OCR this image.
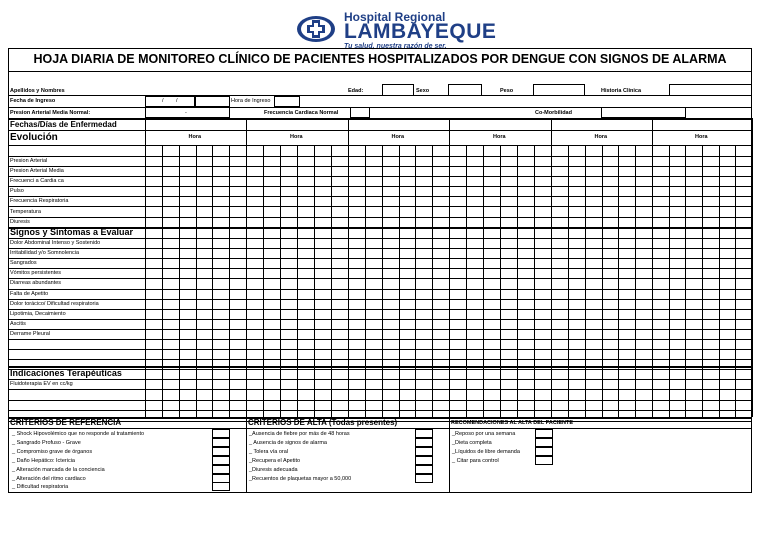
Hospital Regional
LAMBAYEQUE
Tu salud, nuestra razón de ser.
HOJA DIARIA DE MONITOREO CLÍNICO DE PACIENTES HOSPITALIZADOS POR DENGUE CON SIGNOS DE ALARMA
Apellidos y Nombres	Edad:	Sexo	Peso	Historia Clínica
Fecha de Ingreso	/ /	Hora de Ingreso
Presion Arterial Media Normal:	-	Frecuencia Cardiaca Normal	Co-Morbilidad
Fechas/Días de Enfermedad
Evolución	Hora	Hora	Hora	Hora	Hora	Hora
Presion Arterial
Presion Arterial Media
Frecuenci a Cardia ca
Pulso
Frecuencia Respiratoria
Temperatura
Diuresis
Signos y Síntomas a Evaluar
Dolor Abdominal Intenso y Sostenido
Irritabilidad y/o Somnolencia
Sangrados
Vómitos persistentes
Diarreas abundantes
Falta de Apetito
Dolor torácico/ Dificultad respiratoria
Lipotimia, Decaimiento
Ascitis
Derrame Pleural
Indicaciones Terapéuticas
Fluidoterapia EV en cc/kg
CRITERIOS DE REFERENCIA
_ Shock Hipovolémico que no responde al tratamiento
_ Sangrado Profuso - Grave
_ Compromiso grave de órganos
_ Daño Hepático: Ictericia
_ Alteración marcada de la conciencia
_ Alteración del ritmo cardiaco
_ Dificultad respiratoria
CRITERIOS DE ALTA (Todas presentes)
_Ausencia de fiebre por más de 48 horas
_ Ausencia de signos de alarma
_ Tolera vía oral
_Recupera el Apetito
_Diuresis adecuada
_Recuentos de plaquetas mayor a 50,000
RECOMENDACIONES AL ALTA DEL PACIENTE
_Reposo por una semana
_Dieta completa
_Líquidos de libre demanda
_ Citar para control
